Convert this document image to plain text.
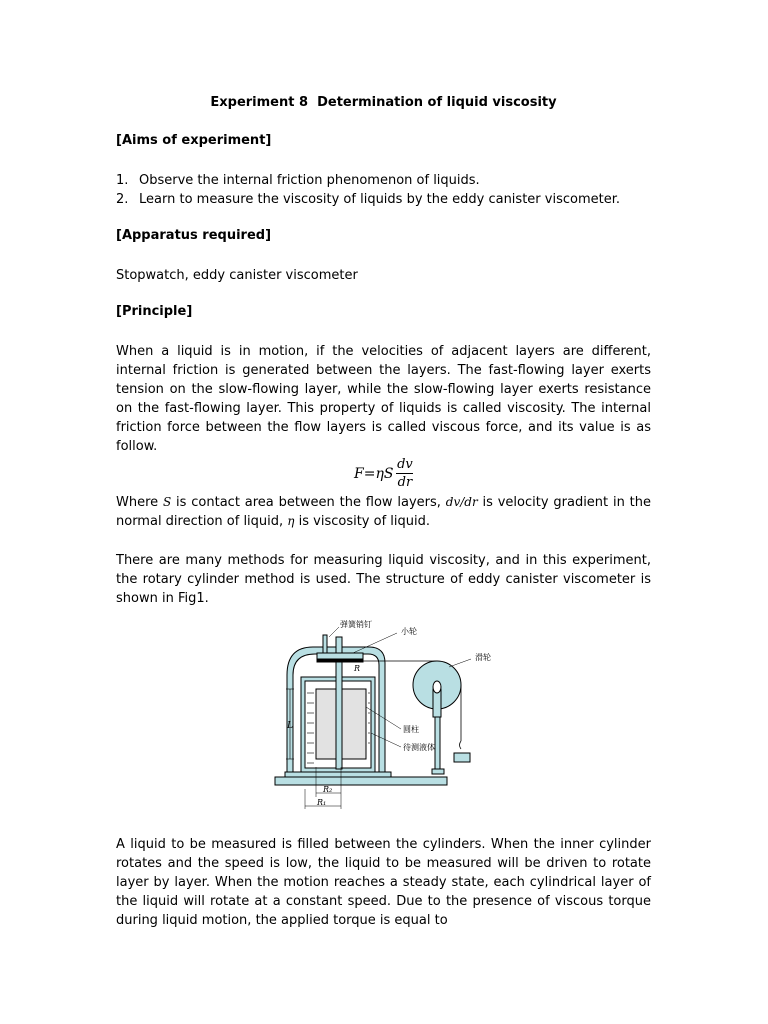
Experiment 8  Determination of liquid viscosity
[Aims of experiment]
1. Observe the internal friction phenomenon of liquids.
2. Learn to measure the viscosity of liquids by the eddy canister viscometer.
[Apparatus required]
Stopwatch, eddy canister viscometer
[Principle]

When a liquid is in motion, if the velocities of adjacent layers are different, internal friction is generated between the layers. The fast-flowing layer exerts tension on the slow-flowing layer, while the slow-flowing layer exerts resistance on the fast-flowing layer. This property of liquids is called viscosity. The internal friction force between the flow layers is called viscous force, and its value is as follow.

$F=\eta S \frac{dv}{dr}$

Where S is contact area between the flow layers, dv/dr is velocity gradient in the normal direction of liquid, η is viscosity of liquid.

There are many methods for measuring liquid viscosity, and in this experiment, the rotary cylinder method is used. The structure of eddy canister viscometer is shown in Fig1.

A liquid to be measured is filled between the cylinders. When the inner cylinder rotates and the speed is low, the liquid to be measured will be driven to rotate layer by layer. When the motion reaches a steady state, each cylindrical layer of the liquid will rotate at a constant speed. Due to the presence of viscous torque during liquid motion, the applied torque is equal to

弹簧销钉
小轮
滑轮
圆柱
待测液体
R
L
R₂
R₁
